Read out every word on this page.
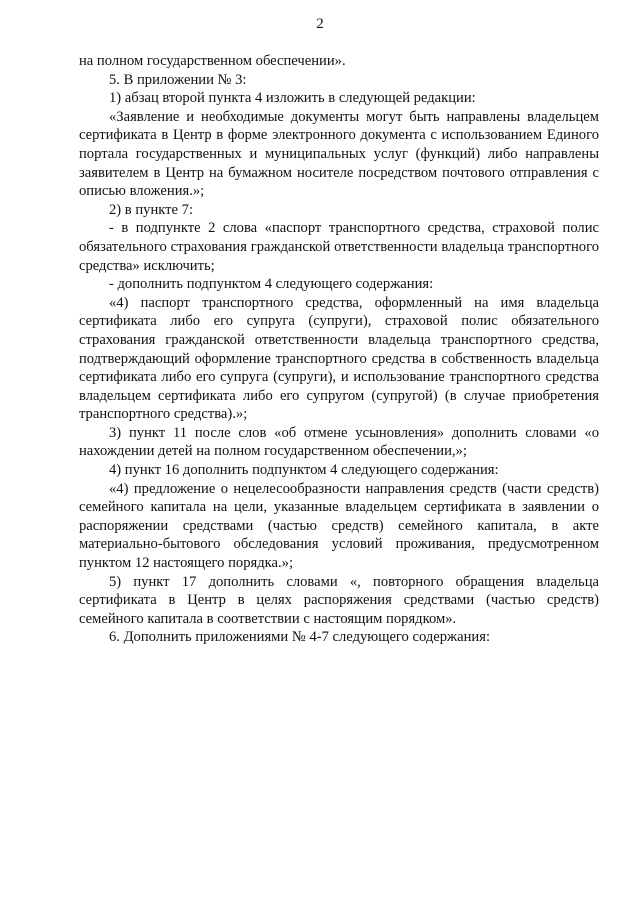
2

на полном государственном обеспечении».

5. В приложении № 3:

1) абзац второй пункта 4 изложить в следующей редакции:

«Заявление и необходимые документы могут быть направлены владельцем сертификата в Центр в форме электронного документа с использованием Единого портала государственных и муниципальных услуг (функций) либо направлены заявителем в Центр на бумажном носителе посредством почтового отправления с описью вложения.»;

2) в пункте 7:

- в подпункте 2 слова «паспорт транспортного средства, страховой полис обязательного страхования гражданской ответственности владельца транспортного средства» исключить;

- дополнить подпунктом 4 следующего содержания:

«4) паспорт транспортного средства, оформленный на имя владельца сертификата либо его супруга (супруги), страховой полис обязательного страхования гражданской ответственности владельца транспортного средства, подтверждающий оформление транспортного средства в собственность владельца сертификата либо его супруга (супруги), и использование транспортного средства владельцем сертификата либо его супругом (супругой) (в случае приобретения транспортного средства).»;

3) пункт 11 после слов «об отмене усыновления» дополнить словами «о нахождении детей на полном государственном обеспечении,»;

4) пункт 16 дополнить подпунктом 4 следующего содержания:

«4) предложение о нецелесообразности направления средств (части средств) семейного капитала на цели, указанные владельцем сертификата в заявлении о распоряжении средствами (частью средств) семейного капитала, в акте материально-бытового обследования условий проживания, предусмотренном пунктом 12 настоящего порядка.»;

5) пункт 17 дополнить словами «, повторного обращения владельца сертификата в Центр в целях распоряжения средствами (частью средств) семейного капитала в соответствии с настоящим порядком».

6. Дополнить приложениями № 4-7 следующего содержания:
